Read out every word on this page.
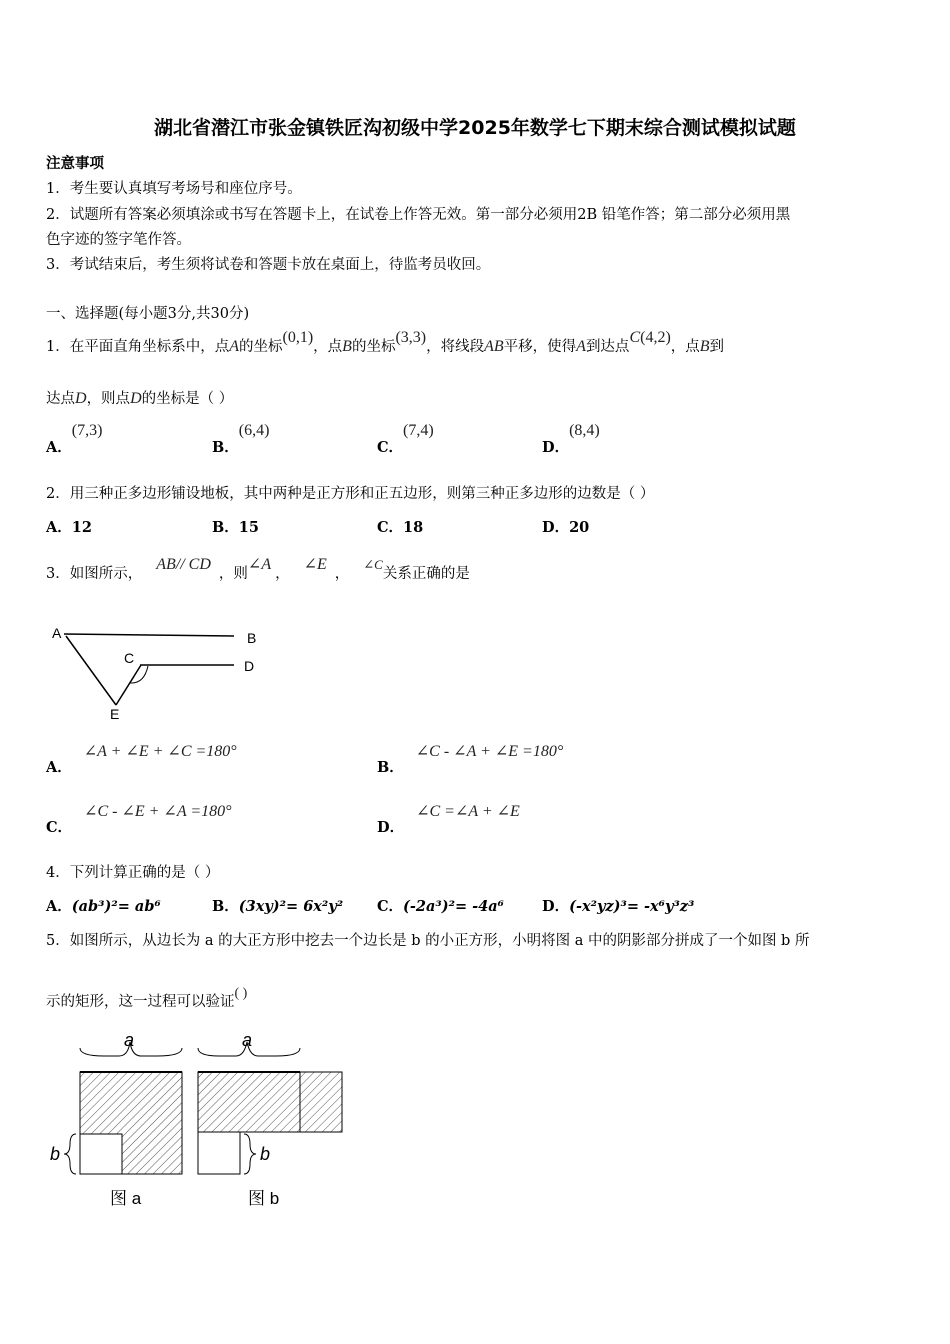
湖北省潜江市张金镇铁匠沟初级中学2025年数学七下期末综合测试模拟试题
注意事项
1．考生要认真填写考场号和座位序号。
2．试题所有答案必须填涂或书写在答题卡上，在试卷上作答无效。第一部分必须用2B 铅笔作答；第二部分必须用黑
色字迹的签字笔作答。
3．考试结束后，考生须将试卷和答题卡放在桌面上，待监考员收回。
一、选择题(每小题3分,共30分)
1．在平面直角坐标系中，点A的坐标(0,1)，点B的坐标(3,3)，将线段AB平移，使得A到达点C(4,2)，点B到
达点D，则点D的坐标是（ ）
A．(7,3)
B．(6,4)
C．(7,4)
D．(8,4)
2．用三种正多边形铺设地板，其中两种是正方形和正五边形，则第三种正多边形的边数是（ ）
A．12	B．15	C．18	D．20
3．如图所示，AB// CD，则∠A，∠E，∠C关系正确的是
A	B
C	D
E
A．∠A + ∠E + ∠C =180°
B．∠C - ∠A + ∠E =180°
C．∠C - ∠E + ∠A =180°
D．∠C =∠A + ∠E
4．下列计算正确的是（ ）
A．(ab³)²= ab⁶	B．(3xy)²= 6x²y² C．(-2a³)²= -4a⁶	D．(-x²yz)³= -x⁶y³z³
5．如图所示，从边长为 a 的大正方形中挖去一个边长是 b 的小正方形，小明将图 a 中的阴影部分拼成了一个如图 b 所
示的矩形，这一过程可以验证( )
a
b
图 a
a
b
图 b
